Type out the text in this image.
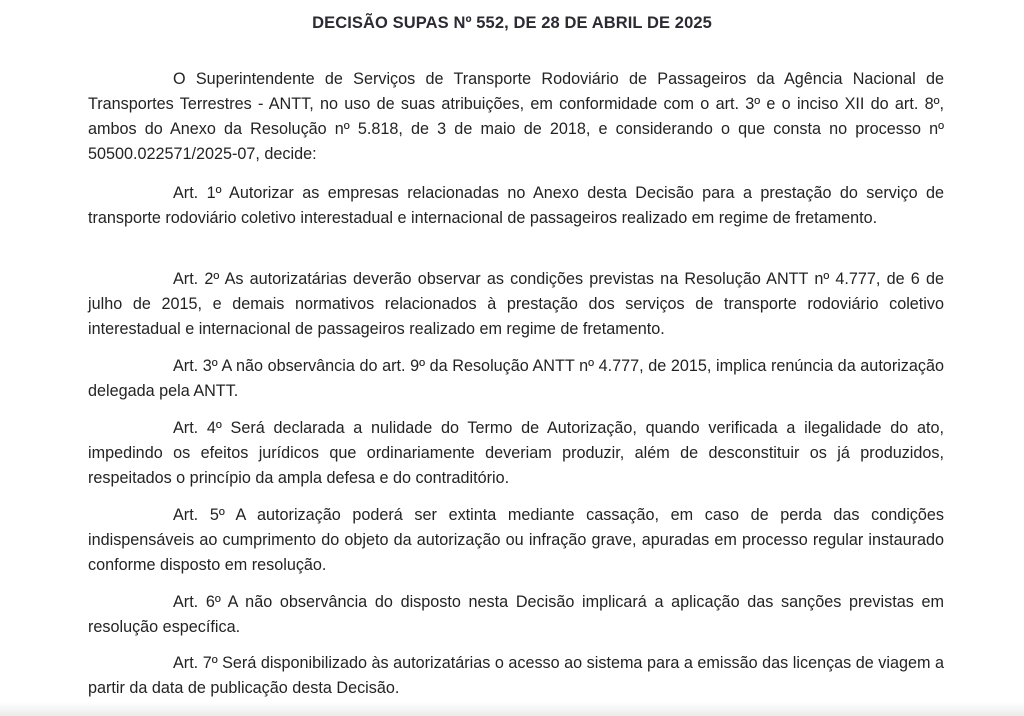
DECISÃO SUPAS Nº 552, DE 28 DE ABRIL DE 2025

O Superintendente de Serviços de Transporte Rodoviário de Passageiros da Agência Nacional de Transportes Terrestres - ANTT, no uso de suas atribuições, em conformidade com o art. 3º e o inciso XII do art. 8º, ambos do Anexo da Resolução nº 5.818, de 3 de maio de 2018, e considerando o que consta no processo nº 50500.022571/2025-07, decide:

Art. 1º Autorizar as empresas relacionadas no Anexo desta Decisão para a prestação do serviço de transporte rodoviário coletivo interestadual e internacional de passageiros realizado em regime de fretamento.

Art. 2º As autorizatárias deverão observar as condições previstas na Resolução ANTT nº 4.777, de 6 de julho de 2015, e demais normativos relacionados à prestação dos serviços de transporte rodoviário coletivo interestadual e internacional de passageiros realizado em regime de fretamento.

Art. 3º A não observância do art. 9º da Resolução ANTT nº 4.777, de 2015, implica renúncia da autorização delegada pela ANTT.

Art. 4º Será declarada a nulidade do Termo de Autorização, quando verificada a ilegalidade do ato, impedindo os efeitos jurídicos que ordinariamente deveriam produzir, além de desconstituir os já produzidos, respeitados o princípio da ampla defesa e do contraditório.

Art. 5º A autorização poderá ser extinta mediante cassação, em caso de perda das condições indispensáveis ao cumprimento do objeto da autorização ou infração grave, apuradas em processo regular instaurado conforme disposto em resolução.

Art. 6º A não observância do disposto nesta Decisão implicará a aplicação das sanções previstas em resolução específica.

Art. 7º Será disponibilizado às autorizatárias o acesso ao sistema para a emissão das licenças de viagem a partir da data de publicação desta Decisão.
